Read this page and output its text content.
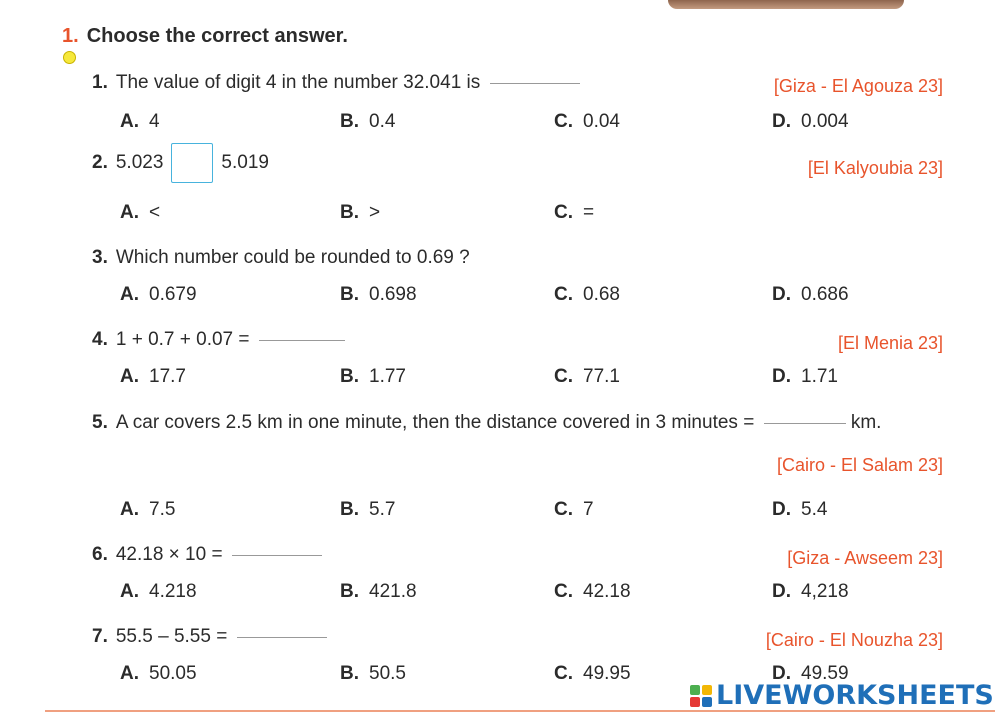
1. Choose the correct answer.
1. The value of digit 4 in the number 32.041 is	[Giza - El Agouza 23]
A. 4	B. 0.4	C. 0.04	D. 0.004
2. 5.023	5.019	[El Kalyoubia 23]
A. <	B. >	C. =
3. Which number could be rounded to 0.69 ?
A. 0.679	B. 0.698	C. 0.68	D. 0.686
4. 1 + 0.7 + 0.07 =	[El Menia 23]
A. 17.7	B. 1.77	C. 77.1	D. 1.71
5. A car covers 2.5 km in one minute, then the distance covered in 3 minutes =	km.
[Cairo - El Salam 23]
A. 7.5	B. 5.7	C. 7	D. 5.4
6. 42.18 × 10 =	[Giza - Awseem 23]
A. 4.218	B. 421.8	C. 42.18	D. 4,218
7. 55.5 – 5.55 =	[Cairo - El Nouzha 23]
A. 50.05	B. 50.5	C. 49.95	D. 49.59
LIVEWORKSHEETS
